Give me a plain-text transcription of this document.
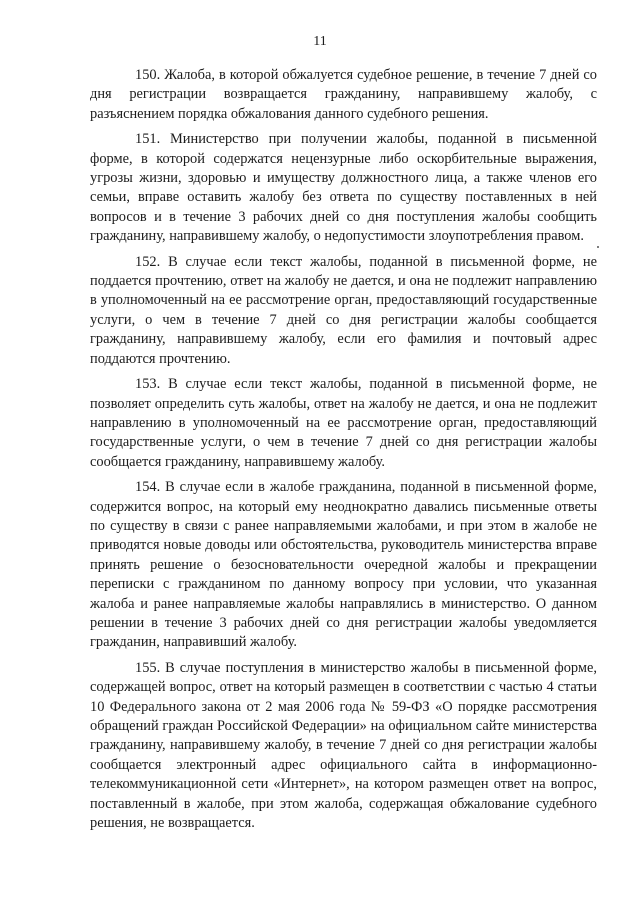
11

150. Жалоба, в которой обжалуется судебное решение, в течение 7 дней со дня регистрации возвращается гражданину, направившему жалобу, с разъяснением порядка обжалования данного судебного решения.

151. Министерство при получении жалобы, поданной в письменной форме, в которой содержатся нецензурные либо оскорбительные выражения, угрозы жизни, здоровью и имуществу должностного лица, а также членов его семьи, вправе оставить жалобу без ответа по существу поставленных в ней вопросов и в течение 3 рабочих дней со дня поступления жалобы сообщить гражданину, направившему жалобу, о недопустимости злоупотребления правом.

152. В случае если текст жалобы, поданной в письменной форме, не поддается прочтению, ответ на жалобу не дается, и она не подлежит направлению в уполномоченный на ее рассмотрение орган, предоставляющий государственные услуги, о чем в течение 7 дней со дня регистрации жалобы сообщается гражданину, направившему жалобу, если его фамилия и почтовый адрес поддаются прочтению.

153. В случае если текст жалобы, поданной в письменной форме, не позволяет определить суть жалобы, ответ на жалобу не дается, и она не подлежит направлению в уполномоченный на ее рассмотрение орган, предоставляющий государственные услуги, о чем в течение 7 дней со дня регистрации жалобы сообщается гражданину, направившему жалобу.

154. В случае если в жалобе гражданина, поданной в письменной форме, содержится вопрос, на который ему неоднократно давались письменные ответы по существу в связи с ранее направляемыми жалобами, и при этом в жалобе не приводятся новые доводы или обстоятельства, руководитель министерства вправе принять решение о безосновательности очередной жалобы и прекращении переписки с гражданином по данному вопросу при условии, что указанная жалоба и ранее направляемые жалобы направлялись в министерство. О данном решении в течение 3 рабочих дней со дня регистрации жалобы уведомляется гражданин, направивший жалобу.

155. В случае поступления в министерство жалобы в письменной форме, содержащей вопрос, ответ на который размещен в соответствии с частью 4 статьи 10 Федерального закона от 2 мая 2006 года № 59-ФЗ «О порядке рассмотрения обращений граждан Российской Федерации» на официальном сайте министерства гражданину, направившему жалобу, в течение 7 дней со дня регистрации жалобы сообщается электронный адрес официального сайта в информационно-телекоммуникационной сети «Интернет», на котором размещен ответ на вопрос, поставленный в жалобе, при этом жалоба, содержащая обжалование судебного решения, не возвращается.
